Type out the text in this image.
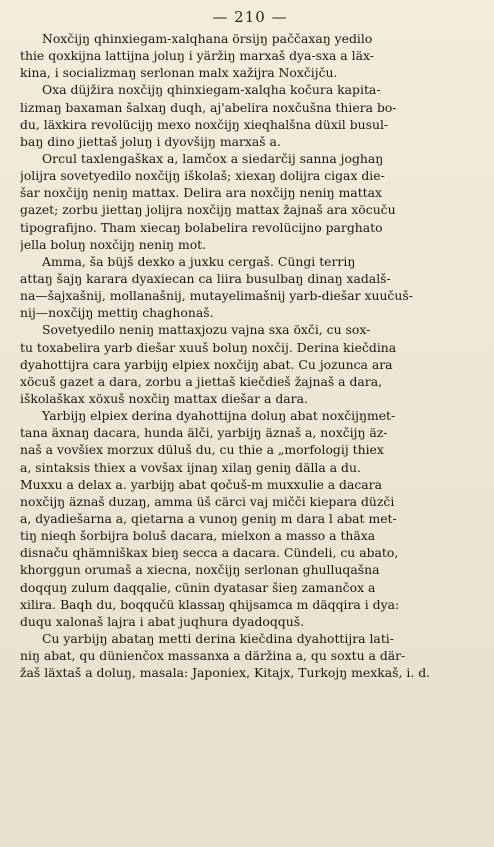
— 210 —
Noxčijŋ qhinxiegam-xalqhana örsijŋ paččaxaŋ yedilo
thie qoxkijna lattijna joluŋ i yäržiŋ marxaš dya-sxa a läx-
kina, i socializmaŋ serlonan malx xažijra Noxčijču.
Oxa düjžira noxčijŋ qhinxiegam-xalqha kočura kapita-
lizmaŋ baxaman šalxaŋ duqh, aj'abelira noxčušna thiera bo-
du, läxkira revolücijŋ mexo noxčijŋ xieqhalšna düxil busul-
baŋ dino jiettaš joluŋ i dyovšijŋ marxaš a.
Orcul taxlengaškax a, lamčox a siedarčij sanna joghaŋ
jolijra sovetyedilo noxčijŋ iškolaš; xiexaŋ dolijra cigax die-
šar noxčijŋ neniŋ mattax. Delira ara noxčijŋ neniŋ mattax
gazet; zorbu jiettaŋ jolijra noxčijŋ mattax žajnaš ara xöcuču
tipografijno. Tham xiecaŋ bolabelira revolücijno parghato
jella boluŋ noxčijŋ neniŋ mot.
Amma, ša büjš dexko a juxku cergaš. Cüngi terriŋ
attaŋ šajŋ karara dyaxiecan ca liira busulbaŋ dinaŋ xadalš-
na—šajxašnij, mollanašnij, mutayelimašnij yarb-diešar xuučuš-
nij—noxčijŋ mettiŋ chaghonaš.
Sovetyedilo neniŋ mattaxjozu vajna sxa öxči, cu sox-
tu toxabelira yarb diešar xuuš boluŋ noxčij. Derina kiečdina
dyahottijra cara yarbijŋ elpiex noxčijŋ abat. Cu jozunca ara
xöcuš gazet a dara, zorbu a jiettaš kiečdieš žajnaš a dara,
iškolaškax xöxuš noxčiŋ mattax diešar a dara.
Yarbijŋ elpiex derina dyahottijna doluŋ abat noxčijŋmet-
tana äxnaŋ dacara, hunda älči, yarbijŋ äznaš a, noxčijŋ äz-
naš a vovšiex morzux düluš du, cu thie a „morfologij thiex
a, sintaksis thiex a vovšax ijnaŋ xilaŋ geniŋ dälla a du.
Muxxu a delax a. yarbijŋ abat qočuš-m muxxulie a dacara
noxčijŋ äznaš duzaŋ, amma üš cärci vaj mičči kiepara düzči
a, dyadiešarna a, qietarna a vunoŋ geniŋ m dara l abat met-
tiŋ nieqh šorbijra boluš dacara, mielxon a masso a thäxa
disnaču qhämniškax bieŋ secca a dacara. Cündeli, cu abato,
khorggun orumaš a xiecna, noxčijŋ serlonan ghulluqašna
doqquŋ zulum daqqalie, cünin dyatasar šieŋ zamančox a
xilira. Baqh du, boqqučü klassaŋ qhijsamca m däqqira i dya:
duqu xalonaš lajra i abat juqhura dyadoqquš.
Cu yarbijŋ abataŋ metti derina kiečdina dyahottijra lati-
niŋ abat, qu dünienčox massanxa a däržina a, qu soxtu a där-
žaš läxtaš a doluŋ, masala: Japoniex, Kitajx, Turkojŋ mexkaš, i. d.
